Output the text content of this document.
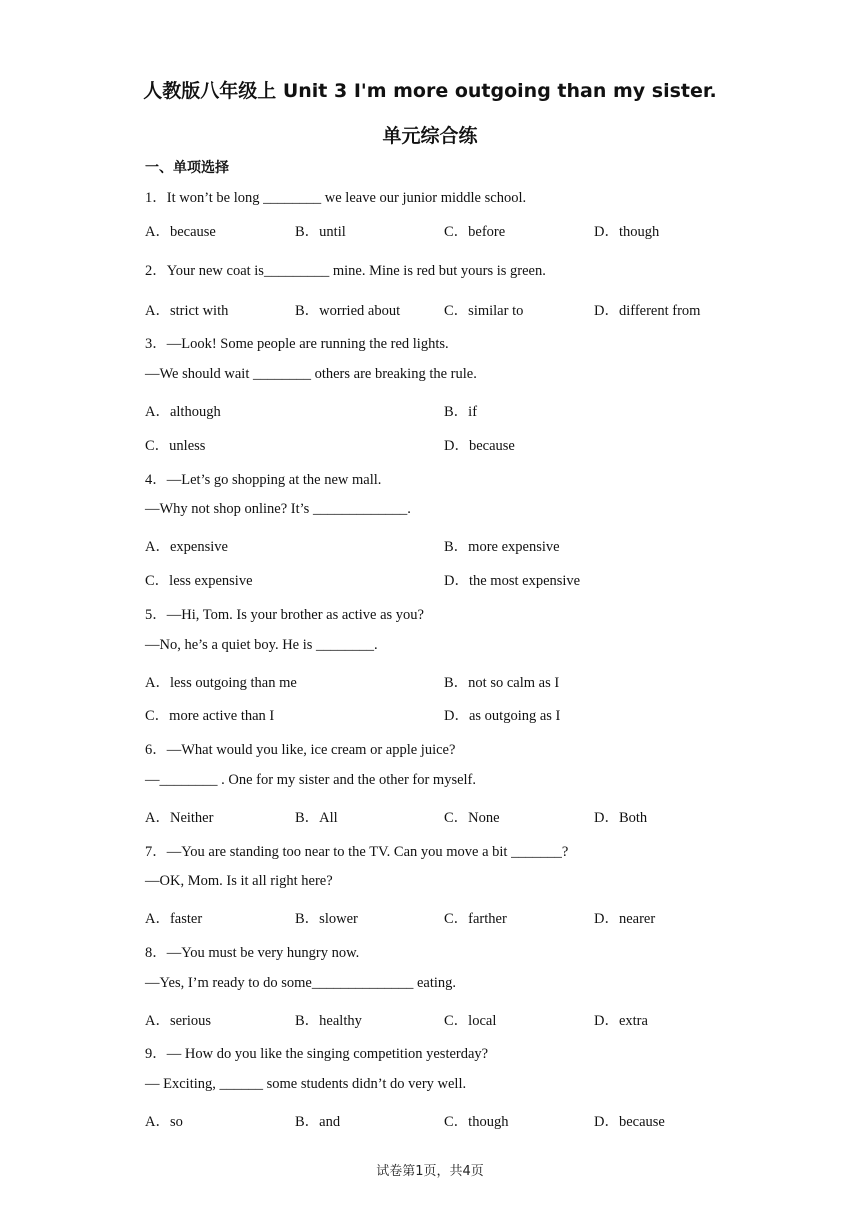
人教版八年级上 Unit 3 I'm more outgoing than my sister.
单元综合练
一、单项选择
1．It won’t be long ________ we leave our junior middle school.
A．because	B．until	C．before	D．though
2．Your new coat is_________ mine. Mine is red but yours is green.
A．strict with	B．worried about	C．similar to	D．different from
3．—Look! Some people are running the red lights.
—We should wait ________ others are breaking the rule.
A．although	B．if
C．unless	D．because
4．—Let’s go shopping at the new mall.
—Why not shop online? It’s _____________.
A．expensive	B．more expensive
C．less expensive	D．the most expensive
5．—Hi, Tom. Is your brother as active as you?
—No, he’s a quiet boy. He is ________.
A．less outgoing than me	B．not so calm as I
C．more active than I	D．as outgoing as I
6．—What would you like, ice cream or apple juice?
—________ . One for my sister and the other for myself.
A．Neither	B．All	C．None	D．Both
7．—You are standing too near to the TV. Can you move a bit _______?
—OK, Mom. Is it all right here?
A．faster	B．slower	C．farther	D．nearer
8．—You must be very hungry now.
—Yes, I’m ready to do some______________ eating.
A．serious	B．healthy	C．local	D．extra
9．— How do you like the singing competition yesterday?
— Exciting, ______ some students didn’t do very well.
A．so	B．and	C．though	D．because
试卷第1页，共4页
